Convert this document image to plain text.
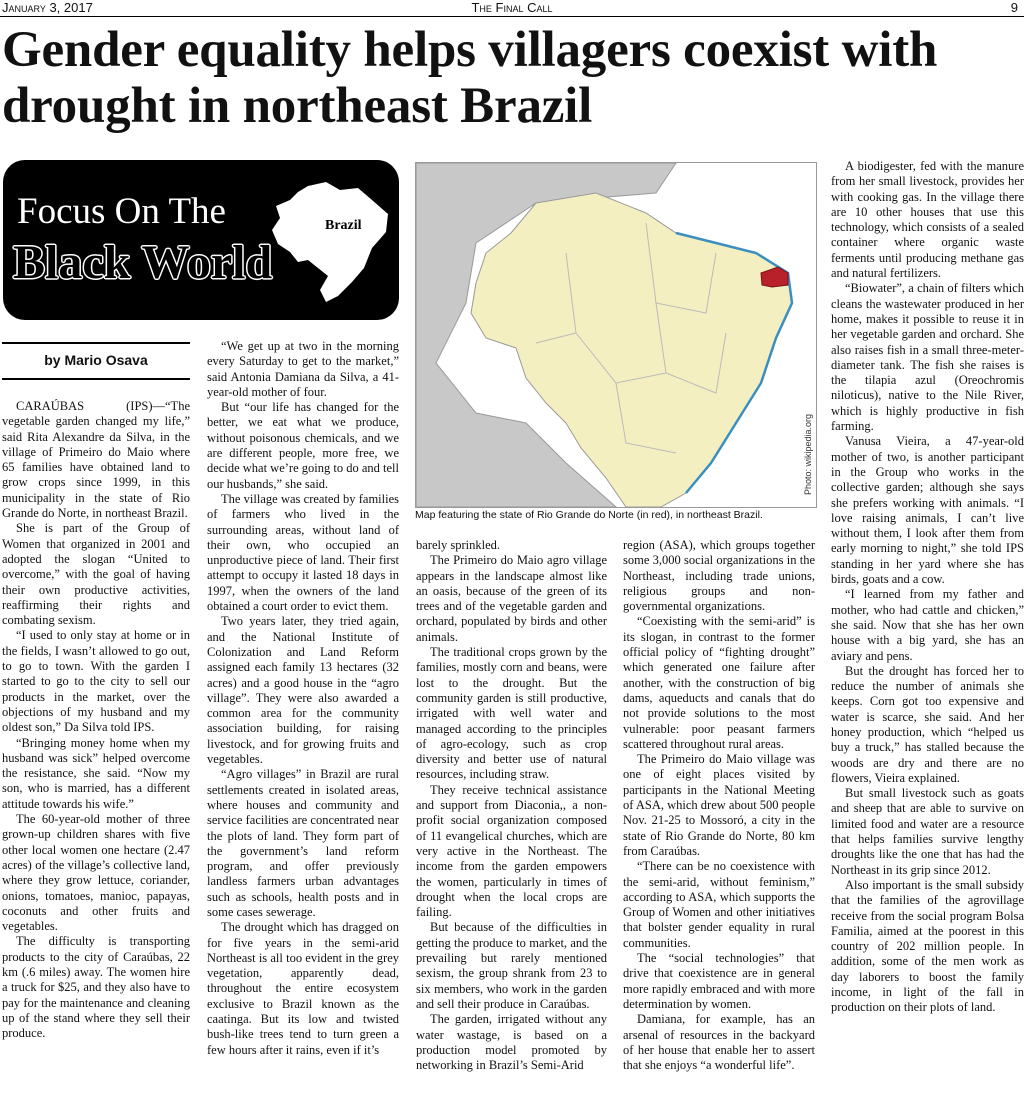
January 3, 2017	The Final Call	9
Gender equality helps villagers coexist with drought in northeast Brazil
Focus On The
Black World
Brazil
by Mario Osava

CARAÚBAS (IPS)—“The vegetable garden changed my life,” said Rita Alexandre da Silva, in the village of Primeiro do Maio where 65 families have obtained land to grow crops since 1999, in this municipality in the state of Rio Grande do Norte, in northeast Brazil.

She is part of the Group of Women that organized in 2001 and adopted the slogan “United to overcome,” with the goal of having their own productive activities, reaffirming their rights and combating sexism.

“I used to only stay at home or in the fields, I wasn’t allowed to go out, to go to town. With the garden I started to go to the city to sell our products in the market, over the objections of my husband and my oldest son,” Da Silva told IPS.

“Bringing money home when my husband was sick” helped overcome the resistance, she said. “Now my son, who is married, has a different attitude towards his wife.”

The 60-year-old mother of three grown-up children shares with five other local women one hectare (2.47 acres) of the village’s collective land, where they grow lettuce, coriander, onions, tomatoes, manioc, papayas, coconuts and other fruits and vegetables.

The difficulty is transporting products to the city of Caraúbas, 22 km (.6 miles) away. The women hire a truck for $25, and they also have to pay for the maintenance and cleaning up of the stand where they sell their produce.

“We get up at two in the morning every Saturday to get to the market,” said Antonia Damiana da Silva, a 41-year-old mother of four.

But “our life has changed for the better, we eat what we produce, without poisonous chemicals, and we are different people, more free, we decide what we’re going to do and tell our husbands,” she said.

The village was created by families of farmers who lived in the surrounding areas, without land of their own, who occupied an unproductive piece of land. Their first attempt to occupy it lasted 18 days in 1997, when the owners of the land obtained a court order to evict them.

Two years later, they tried again, and the National Institute of Colonization and Land Reform assigned each family 13 hectares (32 acres) and a good house in the “agro village”. They were also awarded a common area for the community association building, for raising livestock, and for growing fruits and vegetables.

“Agro villages” in Brazil are rural settlements created in isolated areas, where houses and community and service facilities are concentrated near the plots of land. They form part of the government’s land reform program, and offer previously landless farmers urban advantages such as schools, health posts and in some cases sewerage.

The drought which has dragged on for five years in the semi-arid Northeast is all too evident in the grey vegetation, apparently dead, throughout the entire ecosystem exclusive to Brazil known as the caatinga. But its low and twisted bush-like trees tend to turn green a few hours after it rains, even if it’s

Photo: wikipedia.org
Map featuring the state of Rio Grande do Norte (in red), in northeast Brazil.

barely sprinkled.

The Primeiro do Maio agro village appears in the landscape almost like an oasis, because of the green of its trees and of the vegetable garden and orchard, populated by birds and other animals.

The traditional crops grown by the families, mostly corn and beans, were lost to the drought. But the community garden is still productive, irrigated with well water and managed according to the principles of agro-ecology, such as crop diversity and better use of natural resources, including straw.

They receive technical assistance and support from Diaconia,, a non-profit social organization composed of 11 evangelical churches, which are very active in the Northeast. The income from the garden empowers the women, particularly in times of drought when the local crops are failing.

But because of the difficulties in getting the produce to market, and the prevailing but rarely mentioned sexism, the group shrank from 23 to six members, who work in the garden and sell their produce in Caraúbas.

The garden, irrigated without any water wastage, is based on a production model promoted by networking in Brazil’s Semi-Arid

region (ASA), which groups together some 3,000 social organizations in the Northeast, including trade unions, religious groups and non-governmental organizations.

“Coexisting with the semi-arid” is its slogan, in contrast to the former official policy of “fighting drought” which generated one failure after another, with the construction of big dams, aqueducts and canals that do not provide solutions to the most vulnerable: poor peasant farmers scattered throughout rural areas.

The Primeiro do Maio village was one of eight places visited by participants in the National Meeting of ASA, which drew about 500 people Nov. 21-25 to Mossoró, a city in the state of Rio Grande do Norte, 80 km from Caraúbas.

“There can be no coexistence with the semi-arid, without feminism,” according to ASA, which supports the Group of Women and other initiatives that bolster gender equality in rural communities.

The “social technologies” that drive that coexistence are in general more rapidly embraced and with more determination by women.

Damiana, for example, has an arsenal of resources in the backyard of her house that enable her to assert that she enjoys “a wonderful life”.

A biodigester, fed with the manure from her small livestock, provides her with cooking gas. In the village there are 10 other houses that use this technology, which consists of a sealed container where organic waste ferments until producing methane gas and natural fertilizers.

“Biowater”, a chain of filters which cleans the wastewater produced in her home, makes it possible to reuse it in her vegetable garden and orchard. She also raises fish in a small three-meter-diameter tank. The fish she raises is the tilapia azul (Oreochromis niloticus), native to the Nile River, which is highly productive in fish farming.

Vanusa Vieira, a 47-year-old mother of two, is another participant in the Group who works in the collective garden; although she says she prefers working with animals. “I love raising animals, I can’t live without them, I look after them from early morning to night,” she told IPS standing in her yard where she has birds, goats and a cow.

“I learned from my father and mother, who had cattle and chicken,” she said. Now that she has her own house with a big yard, she has an aviary and pens.

But the drought has forced her to reduce the number of animals she keeps. Corn got too expensive and water is scarce, she said. And her honey production, which “helped us buy a truck,” has stalled because the woods are dry and there are no flowers, Vieira explained.

But small livestock such as goats and sheep that are able to survive on limited food and water are a resource that helps families survive lengthy droughts like the one that has had the Northeast in its grip since 2012.

Also important is the small subsidy that the families of the agrovillage receive from the social program Bolsa Familia, aimed at the poorest in this country of 202 million people. In addition, some of the men work as day laborers to boost the family income, in light of the fall in production on their plots of land.
